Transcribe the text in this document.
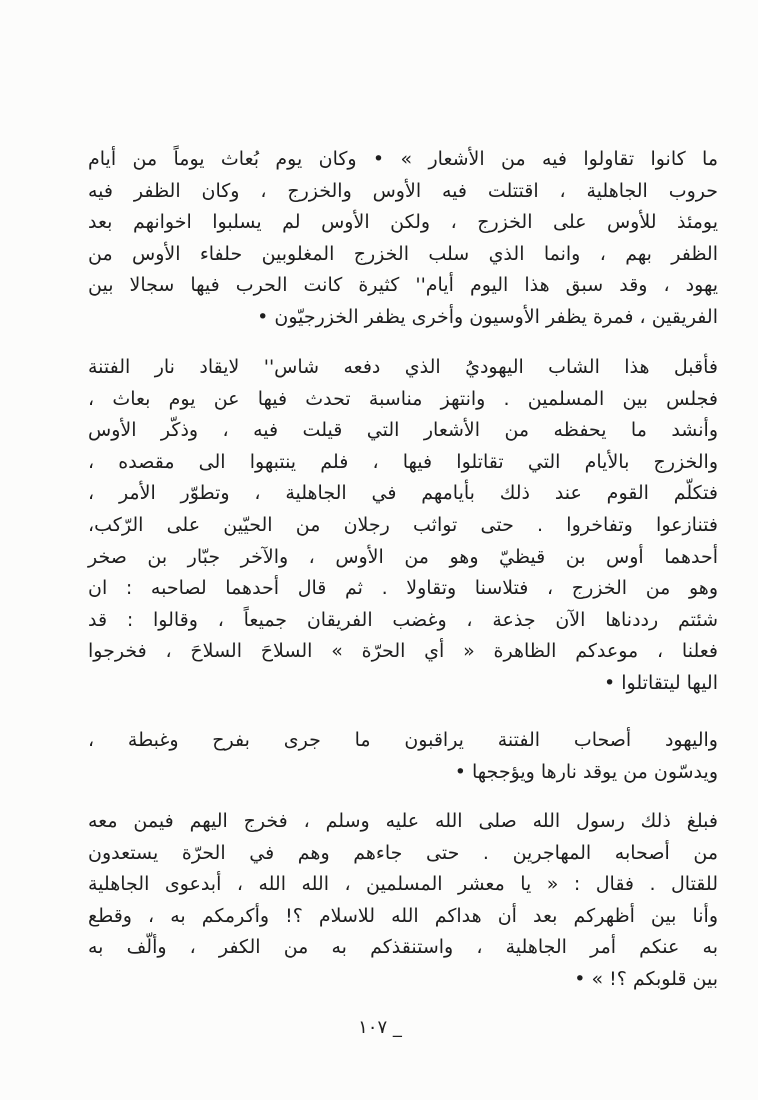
ما كانوا تقاولوا فيه من الأشعار » • وكان يوم بُعاث يوماً من أيام
حروب الجاهلية ، اقتتلت فيه الأوس والخزرج ، وكان الظفر فيه
يومئذ للأوس على الخزرج ، ولكن الأوس لم يسلبوا اخوانهم بعد
الظفر بهم ، وانما الذي سلب الخزرج المغلوبين حلفاء الأوس من
يهود ، وقد سبق هذا اليوم أيام'' كثيرة كانت الحرب فيها سجالا بين
الفريقين ، فمرة يظفر الأوسيون وأخرى يظفر الخزرجيّون •
فأقبل هذا الشاب اليهوديُ الذي دفعه شاس'' لايقاد نار الفتنة
فجلس بين المسلمين . وانتهز مناسبة تحدث فيها عن يوم بعاث ،
وأنشد ما يحفظه من الأشعار التي قيلت فيه ، وذكّر الأوس
والخزرج بالأيام التي تقاتلوا فيها ، فلم ينتبهوا الى مقصده ،
فتكلّم القوم عند ذلك بأيامهم في الجاهلية ، وتطوّر الأمر ،
فتنازعوا وتفاخروا . حتى تواثب رجلان من الحيّين على الرّكب،
أحدهما أوس بن قيظيّ وهو من الأوس ، والآخر جبّار بن صخر
وهو من الخزرج ، فتلاسنا وتقاولا . ثم قال أحدهما لصاحبه : ان
شئتم رددناها الآن جذعة ، وغضب الفريقان جميعاً ، وقالوا : قد
فعلنا ، موعدكم الظاهرة « أي الحرّة » السلاحَ السلاحَ ، فخرجوا
اليها ليتقاتلوا •
واليهود أصحاب الفتنة يراقبون ما جرى بفرح وغبطة ،
ويدسّون من يوقد نارها ويؤججها •
فبلغ ذلك رسول الله صلى الله عليه وسلم ، فخرج اليهم فيمن معه
من أصحابه المهاجرين . حتى جاءهم وهم في الحرّة يستعدون
للقتال . فقال : « يا معشر المسلمين ، الله الله ، أبدعوى الجاهلية
وأنا بين أظهركم بعد أن هداكم الله للاسلام ؟! وأكرمكم به ، وقطع
به عنكم أمر الجاهلية ، واستنقذكم به من الكفر ، وألّف به
بين قلوبكم ؟! » •
_ ١٠٧
